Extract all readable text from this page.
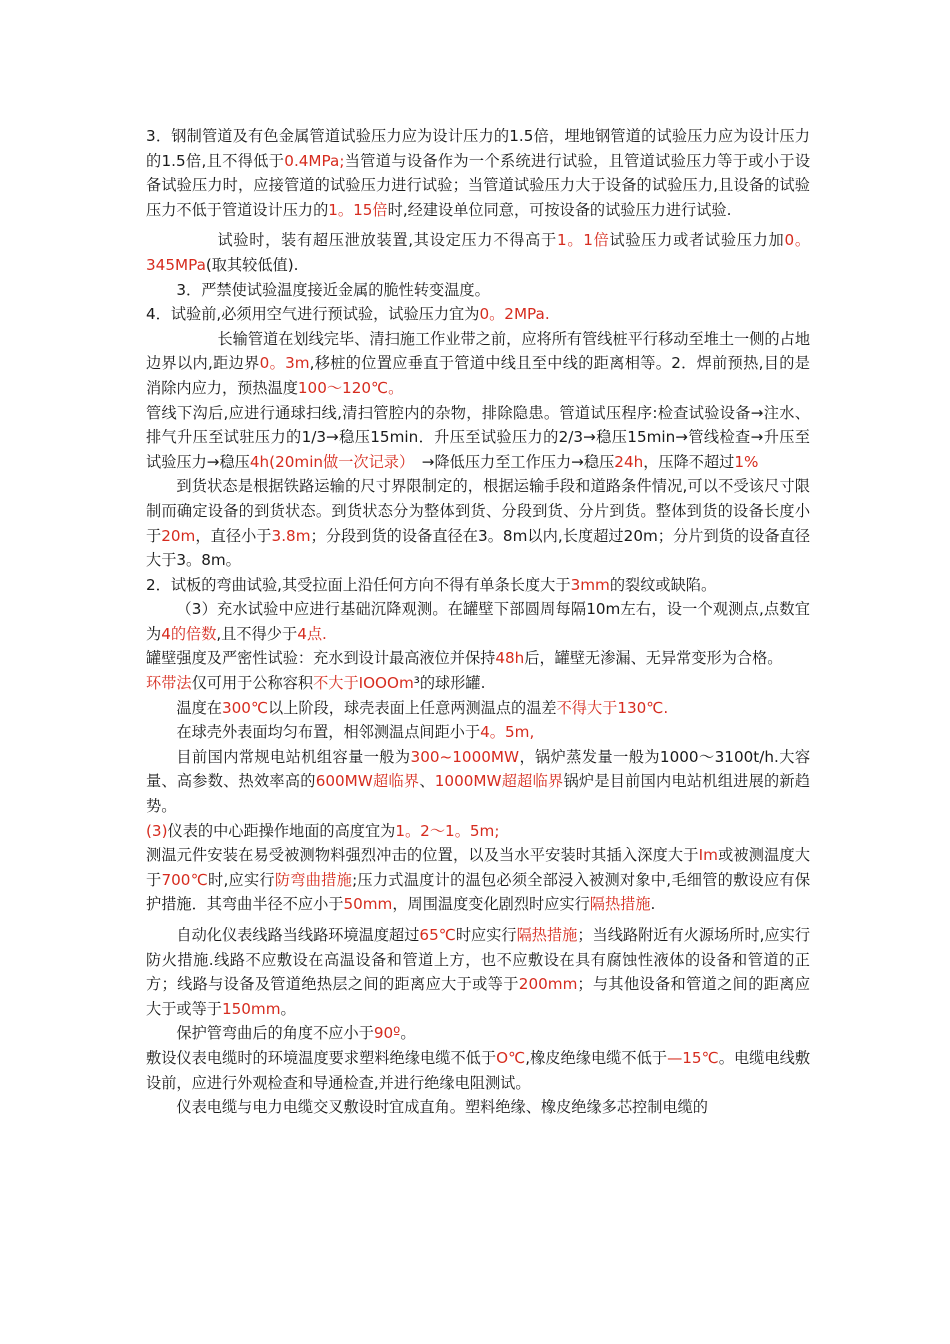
3．钢制管道及有色金属管道试验压力应为设计压力的1.5倍，埋地钢管道的试验压力应为设计压力的1.5倍,且不得低于0.4MPa;当管道与设备作为一个系统进行试验，且管道试验压力等于或小于设备试验压力时，应接管道的试验压力进行试验；当管道试验压力大于设备的试验压力,且设备的试验压力不低于管道设计压力的1。15倍时,经建设单位同意，可按设备的试验压力进行试验.

试验时，装有超压泄放装置,其设定压力不得高于1。1倍试验压力或者试验压力加0。345MPa(取其较低值).

3．严禁使试验温度接近金属的脆性转变温度。

4．试验前,必须用空气进行预试验，试验压力宜为0。2MPa.

长输管道在划线完毕、清扫施工作业带之前，应将所有管线桩平行移动至堆土一侧的占地边界以内,距边界0。3m,移桩的位置应垂直于管道中线且至中线的距离相等。2．焊前预热,目的是消除内应力，预热温度100～120℃。

管线下沟后,应进行通球扫线,清扫管腔内的杂物，排除隐患。管道试压程序:检查试验设备→注水、排气升压至试驻压力的1/3→稳压15min．升压至试验压力的2/3→稳压15min→管线检查→升压至试验压力→稳压4h(20min做一次记录）　→降低压力至工作压力→稳压24h，压降不超过1%

到货状态是根据铁路运输的尺寸界限制定的，根据运输手段和道路条件情况,可以不受该尺寸限制而确定设备的到货状态。到货状态分为整体到货、分段到货、分片到货。整体到货的设备长度小于20m，直径小于3.8m；分段到货的设备直径在3。8m以内,长度超过20m；分片到货的设备直径大于3。8m。

2．试板的弯曲试验,其受拉面上沿任何方向不得有单条长度大于3mm的裂纹或缺陷。

（3）充水试验中应进行基础沉降观测。在罐壁下部圆周每隔10m左右，设一个观测点,点数宜为4的倍数,且不得少于4点.

罐壁强度及严密性试验：充水到设计最高液位并保持48h后，罐壁无渗漏、无异常变形为合格。

环带法仅可用于公称容积不大于IOOOm³的球形罐.

温度在300℃以上阶段，球壳表面上任意两测温点的温差不得大于130℃.

在球壳外表面均匀布置，相邻测温点间距小于4。5m,

目前国内常规电站机组容量一般为300~1000MW，锅炉蒸发量一般为1000～3100t/h.大容量、高参数、热效率高的600MW超临界、1000MW超超临界锅炉是目前国内电站机组进展的新趋势。

(3)仪表的中心距操作地面的高度宜为1。2～1。5m;

测温元件安装在易受被测物料强烈冲击的位置，以及当水平安装时其插入深度大于Im或被测温度大于700℃时,应实行防弯曲措施;压力式温度计的温包必须全部浸入被测对象中,毛细管的敷设应有保护措施．其弯曲半径不应小于50mm，周围温度变化剧烈时应实行隔热措施.

自动化仪表线路当线路环境温度超过65℃时应实行隔热措施；当线路附近有火源场所时,应实行防火措施.线路不应敷设在高温设备和管道上方，也不应敷设在具有腐蚀性液体的设备和管道的正方；线路与设备及管道绝热层之间的距离应大于或等于200mm；与其他设备和管道之间的距离应大于或等于150mm。

保护管弯曲后的角度不应小于90º。

敷设仪表电缆时的环境温度要求塑料绝缘电缆不低于O℃,橡皮绝缘电缆不低于—15℃。电缆电线敷设前，应进行外观检查和导通检查,并进行绝缘电阻测试。

仪表电缆与电力电缆交叉敷设时宜成直角。塑料绝缘、橡皮绝缘多芯控制电缆的
